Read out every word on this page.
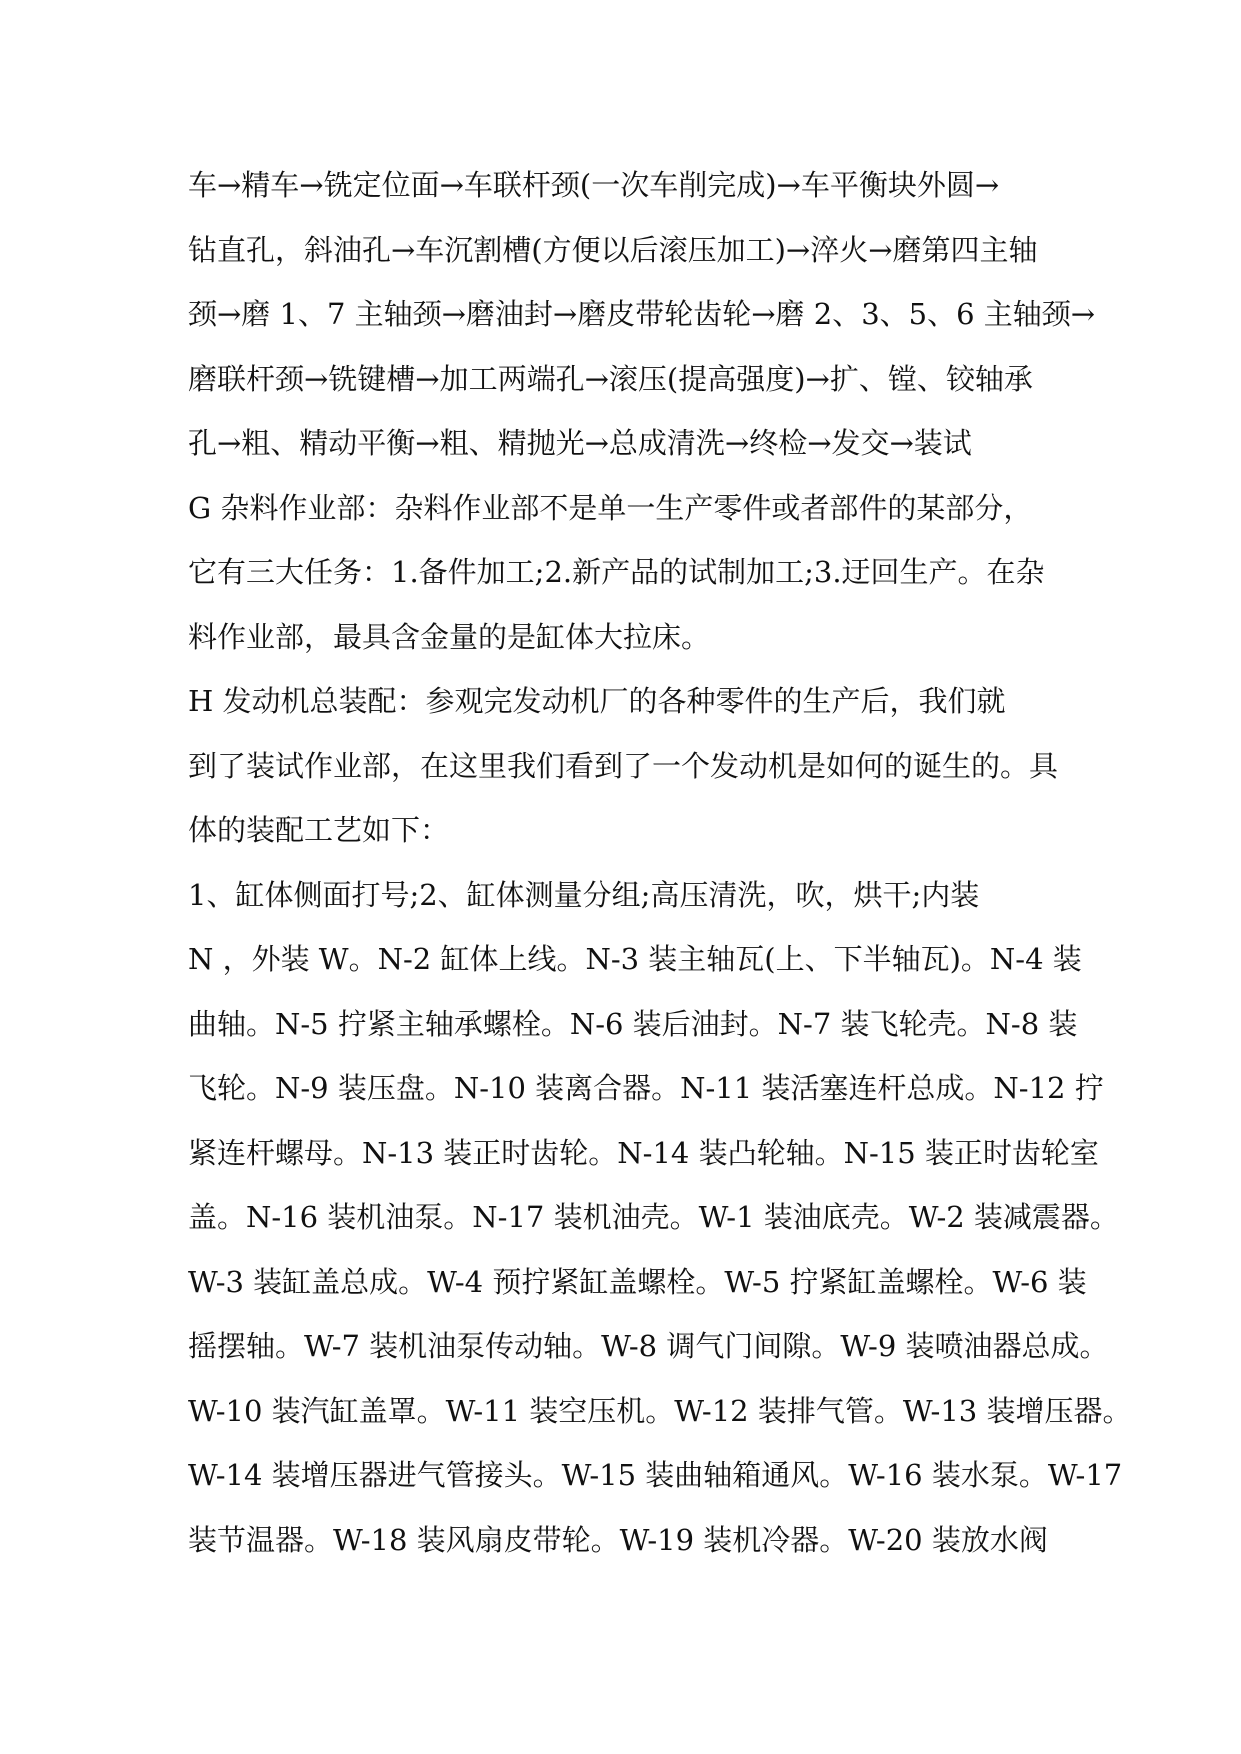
车→精车→铣定位面→车联杆颈(一次车削完成)→车平衡块外圆→
钻直孔，斜油孔→车沉割槽(方便以后滚压加工)→淬火→磨第四主轴
颈→磨 1、7 主轴颈→磨油封→磨皮带轮齿轮→磨 2、3、5、6 主轴颈→
磨联杆颈→铣键槽→加工两端孔→滚压(提高强度)→扩、镗、铰轴承
孔→粗、精动平衡→粗、精抛光→总成清洗→终检→发交→装试
G 杂料作业部：杂料作业部不是单一生产零件或者部件的某部分，
它有三大任务：1.备件加工;2.新产品的试制加工;3.迂回生产。在杂
料作业部，最具含金量的是缸体大拉床。
H 发动机总装配：参观完发动机厂的各种零件的生产后，我们就
到了装试作业部，在这里我们看到了一个发动机是如何的诞生的。具
体的装配工艺如下：
1、缸体侧面打号;2、缸体测量分组;高压清洗，吹，烘干;内装
N ，外装 W。N-2 缸体上线。N-3 装主轴瓦(上、下半轴瓦)。N-4 装
曲轴。N-5 拧紧主轴承螺栓。N-6 装后油封。N-7 装飞轮壳。N-8 装
飞轮。N-9 装压盘。N-10 装离合器。N-11 装活塞连杆总成。N-12 拧
紧连杆螺母。N-13 装正时齿轮。N-14 装凸轮轴。N-15 装正时齿轮室
盖。N-16 装机油泵。N-17 装机油壳。W-1 装油底壳。W-2 装减震器。
W-3 装缸盖总成。W-4 预拧紧缸盖螺栓。W-5 拧紧缸盖螺栓。W-6 装
摇摆轴。W-7 装机油泵传动轴。W-8 调气门间隙。W-9 装喷油器总成。
W-10 装汽缸盖罩。W-11 装空压机。W-12 装排气管。W-13 装增压器。
W-14 装增压器进气管接头。W-15 装曲轴箱通风。W-16 装水泵。W-17
装节温器。W-18 装风扇皮带轮。W-19 装机冷器。W-20 装放水阀
